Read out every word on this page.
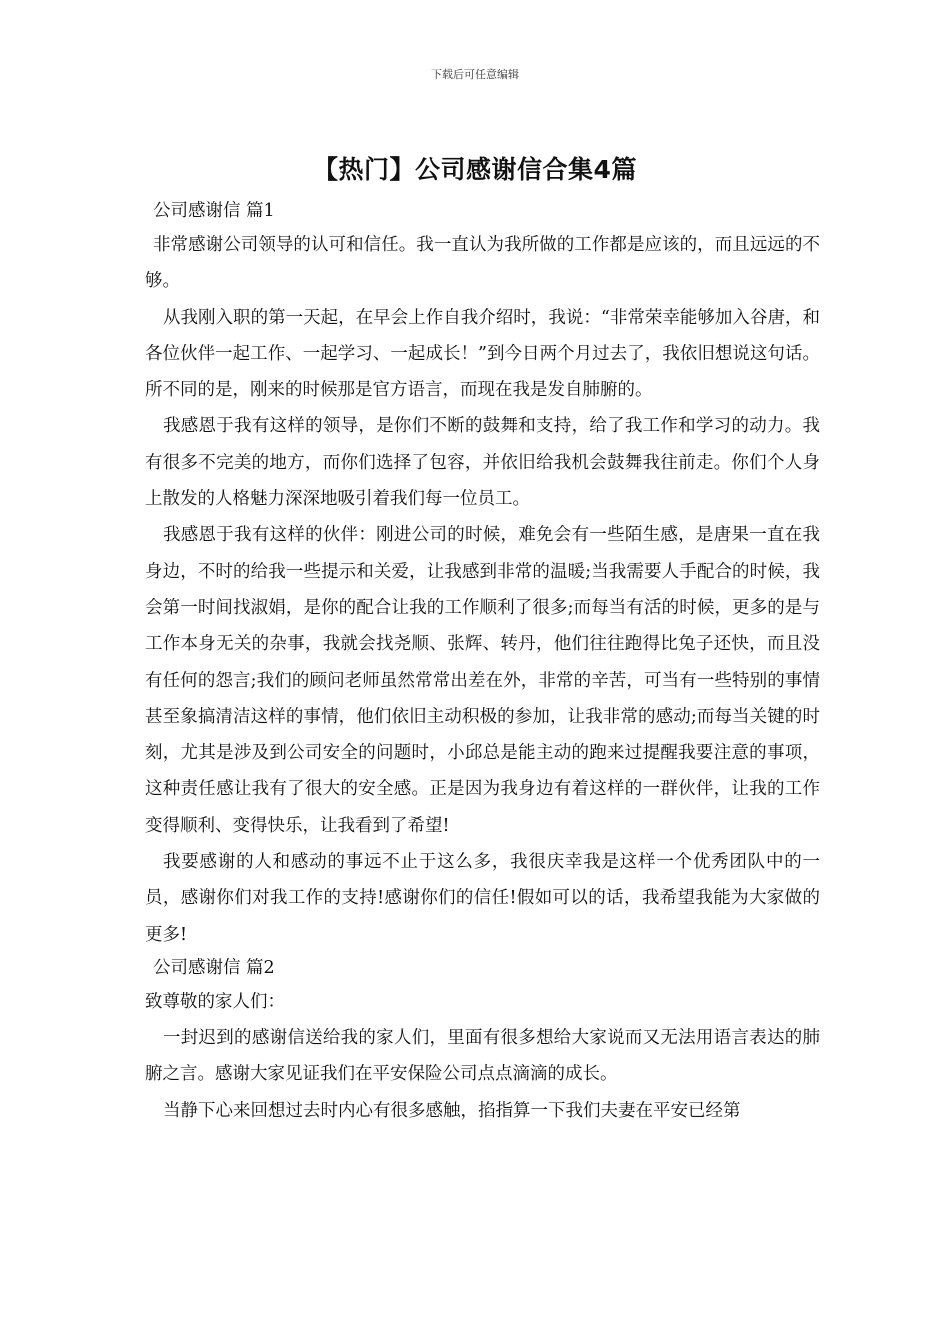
下载后可任意编辑
【热门】公司感谢信合集4篇

公司感谢信 篇1

非常感谢公司领导的认可和信任。我一直认为我所做的工作都是应该的，而且远远的不够。

从我刚入职的第一天起，在早会上作自我介绍时，我说：“非常荣幸能够加入谷唐，和各位伙伴一起工作、一起学习、一起成长！”到今日两个月过去了，我依旧想说这句话。所不同的是，刚来的时候那是官方语言，而现在我是发自肺腑的。

我感恩于我有这样的领导，是你们不断的鼓舞和支持，给了我工作和学习的动力。我有很多不完美的地方，而你们选择了包容，并依旧给我机会鼓舞我往前走。你们个人身上散发的人格魅力深深地吸引着我们每一位员工。

我感恩于我有这样的伙伴：刚进公司的时候，难免会有一些陌生感，是唐果一直在我身边，不时的给我一些提示和关爱，让我感到非常的温暖;当我需要人手配合的时候，我会第一时间找淑娟，是你的配合让我的工作顺利了很多;而每当有活的时候，更多的是与工作本身无关的杂事，我就会找尧顺、张辉、转丹，他们往往跑得比兔子还快，而且没有任何的怨言;我们的顾问老师虽然常常出差在外，非常的辛苦，可当有一些特别的事情甚至象搞清洁这样的事情，他们依旧主动积极的参加，让我非常的感动;而每当关键的时刻，尤其是涉及到公司安全的问题时，小邱总是能主动的跑来过提醒我要注意的事项，这种责任感让我有了很大的安全感。正是因为我身边有着这样的一群伙伴，让我的工作变得顺利、变得快乐，让我看到了希望!

我要感谢的人和感动的事远不止于这么多，我很庆幸我是这样一个优秀团队中的一员，感谢你们对我工作的支持!感谢你们的信任!假如可以的话，我希望我能为大家做的更多!

公司感谢信 篇2

致尊敬的家人们：

一封迟到的感谢信送给我的家人们，里面有很多想给大家说而又无法用语言表达的肺腑之言。感谢大家见证我们在平安保险公司点点滴滴的成长。

当静下心来回想过去时内心有很多感触，掐指算一下我们夫妻在平安已经第
